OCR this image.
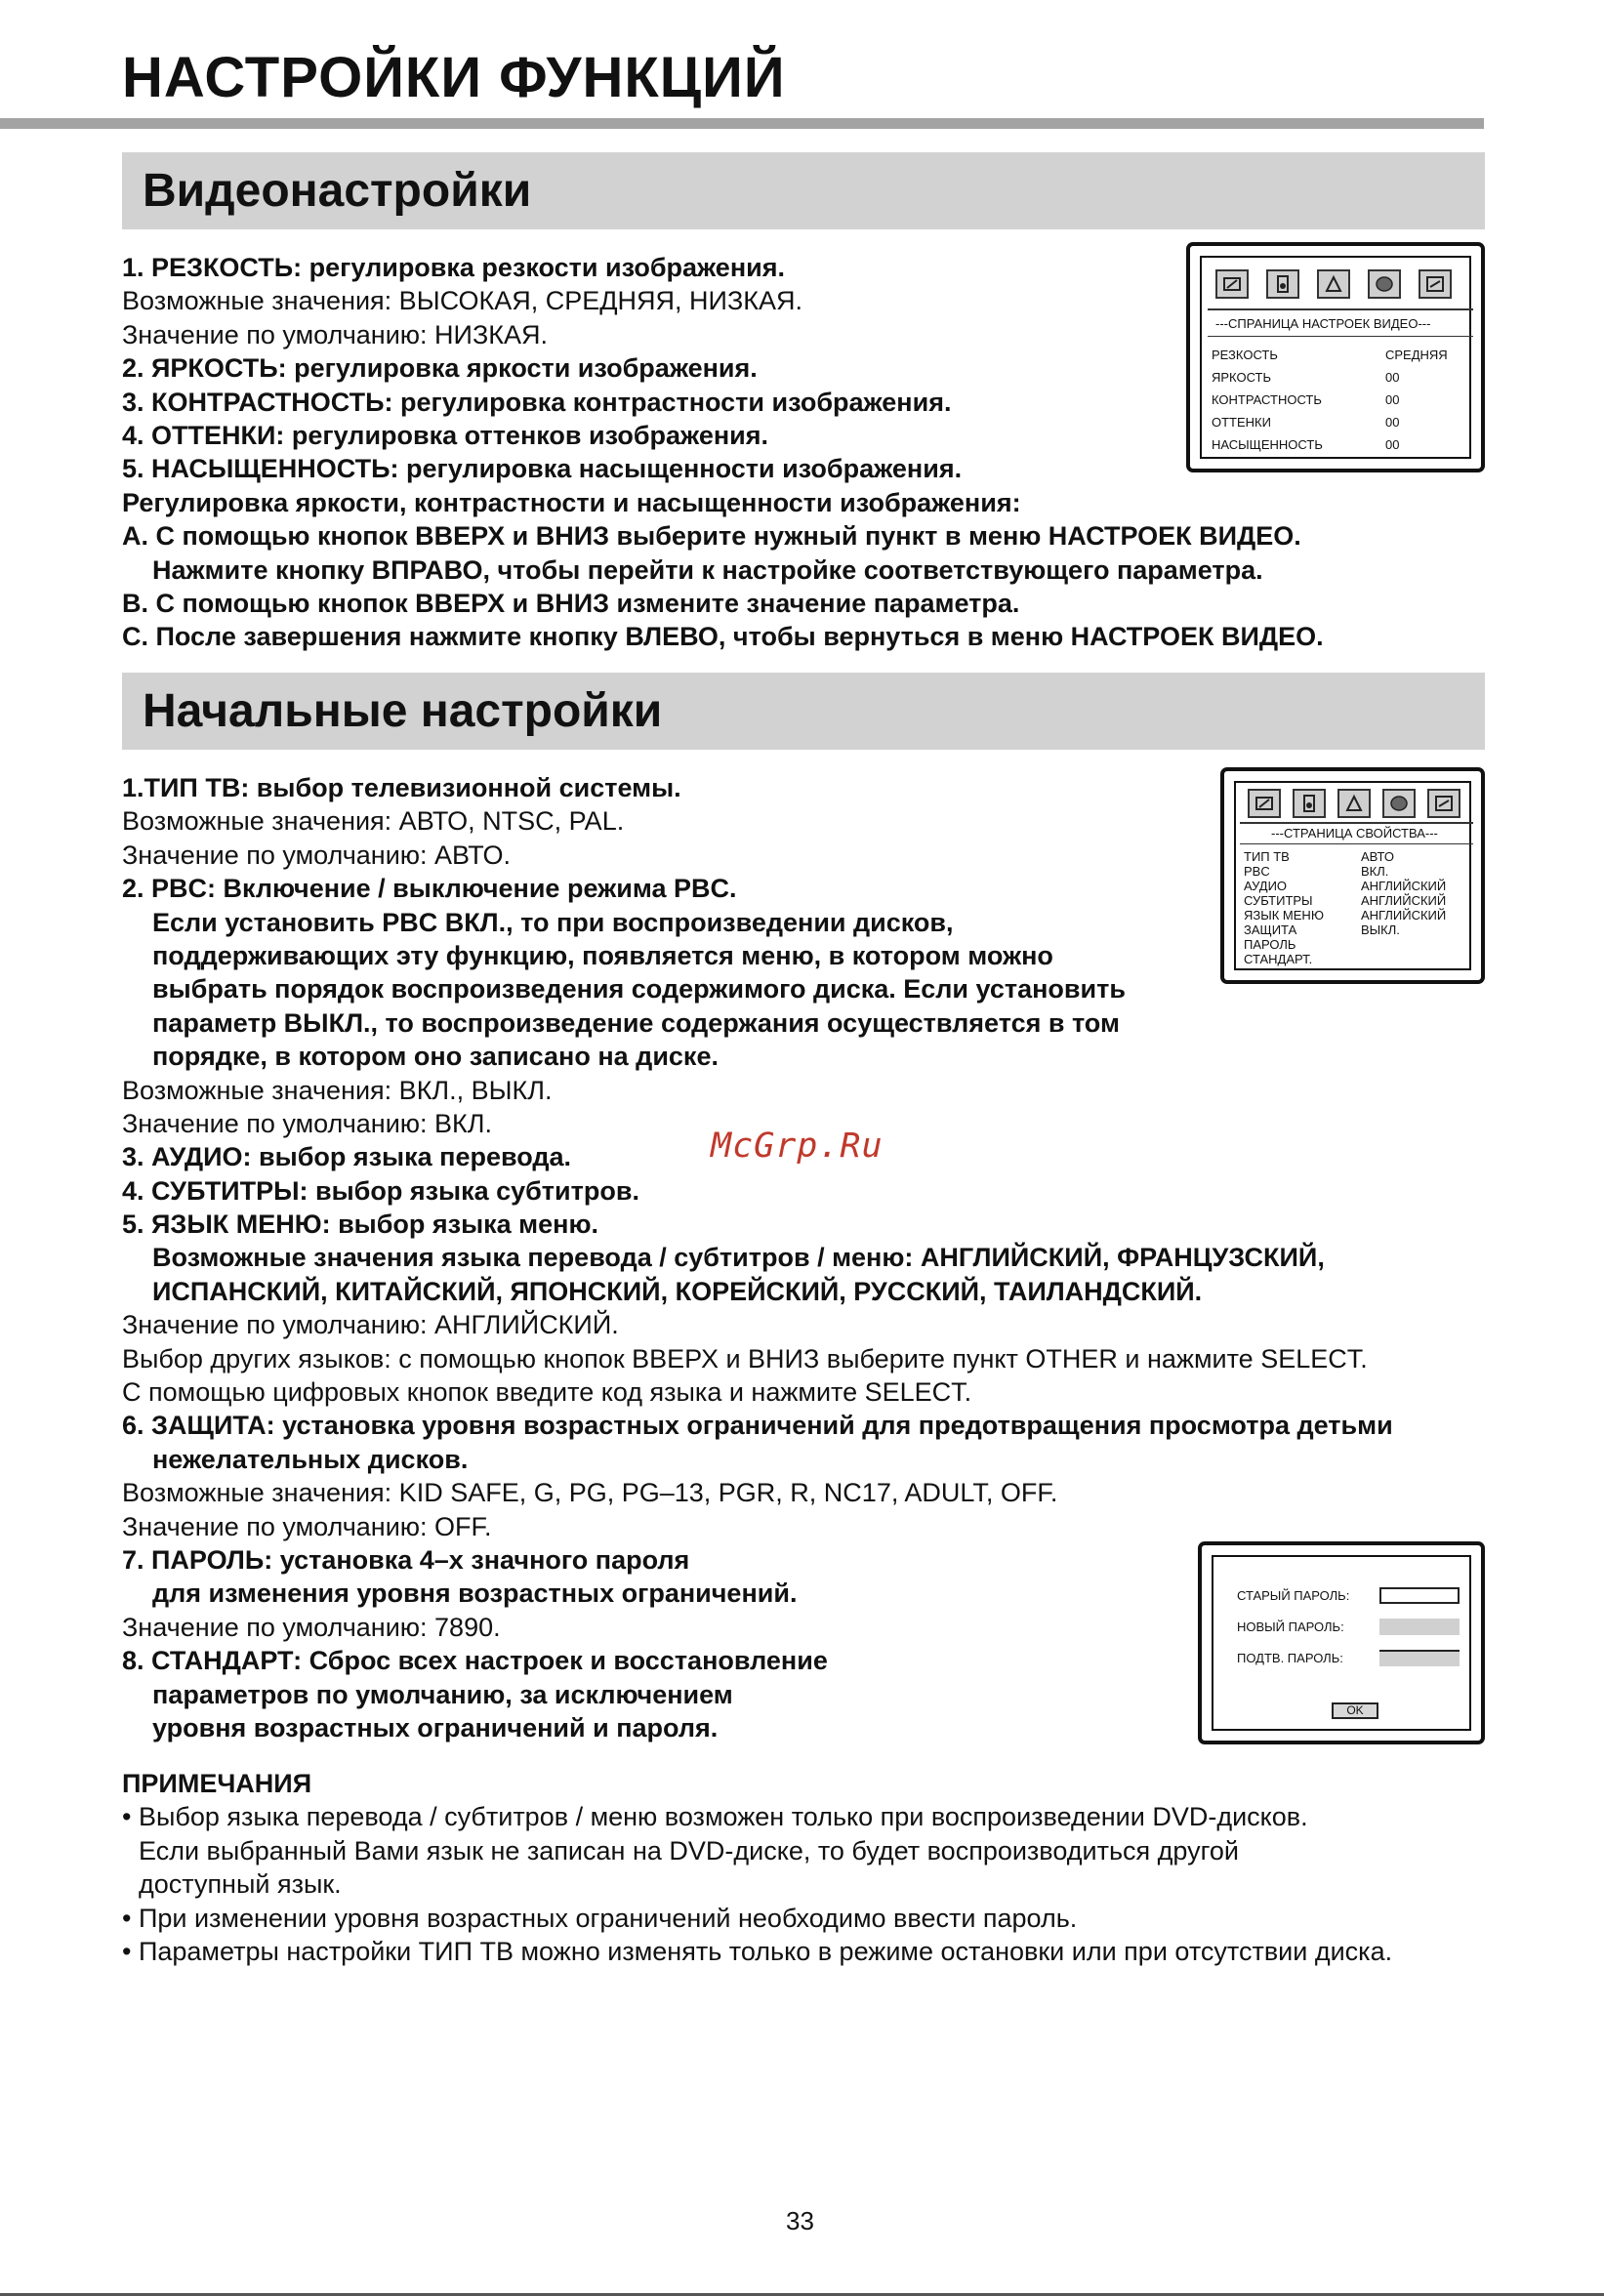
НАСТРОЙКИ ФУНКЦИЙ
Видеонастройки
1. РЕЗКОСТЬ: регулировка резкости изображения.
Возможные значения: ВЫСОКАЯ, СРЕДНЯЯ, НИЗКАЯ.
Значение по умолчанию: НИЗКАЯ.
2. ЯРКОСТЬ: регулировка яркости изображения.
3. КОНТРАСТНОСТЬ: регулировка контрастности изображения.
4. ОТТЕНКИ: регулировка оттенков изображения.
5. НАСЫЩЕННОСТЬ: регулировка насыщенности изображения.
Регулировка яркости, контрастности и насыщенности изображения:
A. С помощью кнопок ВВЕРХ и ВНИЗ выберите нужный пункт в меню НАСТРОЕК ВИДЕО.
Нажмите кнопку ВПРАВО, чтобы перейти к настройке соответствующего параметра.
B. С помощью кнопок ВВЕРХ и ВНИЗ измените значение параметра.
C. После завершения нажмите кнопку ВЛЕВО, чтобы вернуться в меню НАСТРОЕК ВИДЕО.
---СПРАНИЦА НАСТРОЕК ВИДЕО---
РЕЗКОСТЬ	СРЕДНЯЯ
ЯРКОСТЬ	00
КОНТРАСТНОСТЬ	00
ОТТЕНКИ	00
НАСЫЩЕННОСТЬ	00
Начальные настройки
1.ТИП ТВ: выбор телевизионной системы.
Возможные значения: АВТО, NTSC, PAL.
Значение по умолчанию: АВТО.
2. PBC: Включение / выключение режима PBC.
Если установить PBC ВКЛ., то при воспроизведении дисков,
поддерживающих эту функцию, появляется меню, в котором можно
выбрать порядок воспроизведения содержимого диска. Если установить
параметр ВЫКЛ., то воспроизведение содержания осуществляется в том
порядке, в котором оно записано на диске.
Возможные значения: ВКЛ., ВЫКЛ.
Значение по умолчанию: ВКЛ.
3. АУДИО: выбор языка перевода.
4. СУБТИТРЫ: выбор языка субтитров.
5. ЯЗЫК МЕНЮ: выбор языка меню.
Возможные значения языка перевода / субтитров / меню: АНГЛИЙСКИЙ, ФРАНЦУЗСКИЙ,
ИСПАНСКИЙ, КИТАЙСКИЙ, ЯПОНСКИЙ, КОРЕЙСКИЙ, РУССКИЙ, ТАИЛАНДСКИЙ.
Значение по умолчанию: АНГЛИЙСКИЙ.
Выбор других языков: с помощью кнопок ВВЕРХ и ВНИЗ выберите пункт OTHER и нажмите SELECT.
С помощью цифровых кнопок введите код языка и нажмите SELECT.
6. ЗАЩИТА: установка уровня возрастных ограничений для предотвращения просмотра детьми
нежелательных дисков.
Возможные значения: KID SAFE, G, PG, PG–13, PGR, R, NC17, ADULT, OFF.
Значение по умолчанию: OFF.
7. ПАРОЛЬ: установка 4–х значного пароля
для изменения уровня возрастных ограничений.
Значение по умолчанию: 7890.
8. СТАНДАРТ: Сброс всех настроек и восстановление
параметров по умолчанию, за исключением
уровня возрастных ограничений и пароля.
---СТРАНИЦА СВОЙСТВА---
ТИП ТВ	АВТО
PBC	ВКЛ.
АУДИО	АНГЛИЙСКИЙ
СУБТИТРЫ	АНГЛИЙСКИЙ
ЯЗЫК МЕНЮ	АНГЛИЙСКИЙ
ЗАЩИТА	ВЫКЛ.
ПАРОЛЬ
СТАНДАРТ.
McGrp.Ru
СТАРЫЙ ПАРОЛЬ:
НОВЫЙ ПАРОЛЬ:
ПОДТВ. ПАРОЛЬ:
OK
ПРИМЕЧАНИЯ
• Выбор языка перевода / субтитров / меню возможен только при воспроизведении DVD-дисков.
Если выбранный Вами язык не записан на DVD-диске, то будет воспроизводиться другой
доступный язык.
• При изменении уровня возрастных ограничений необходимо ввести пароль.
• Параметры настройки ТИП ТВ можно изменять только в режиме остановки или при отсутствии диска.
33
